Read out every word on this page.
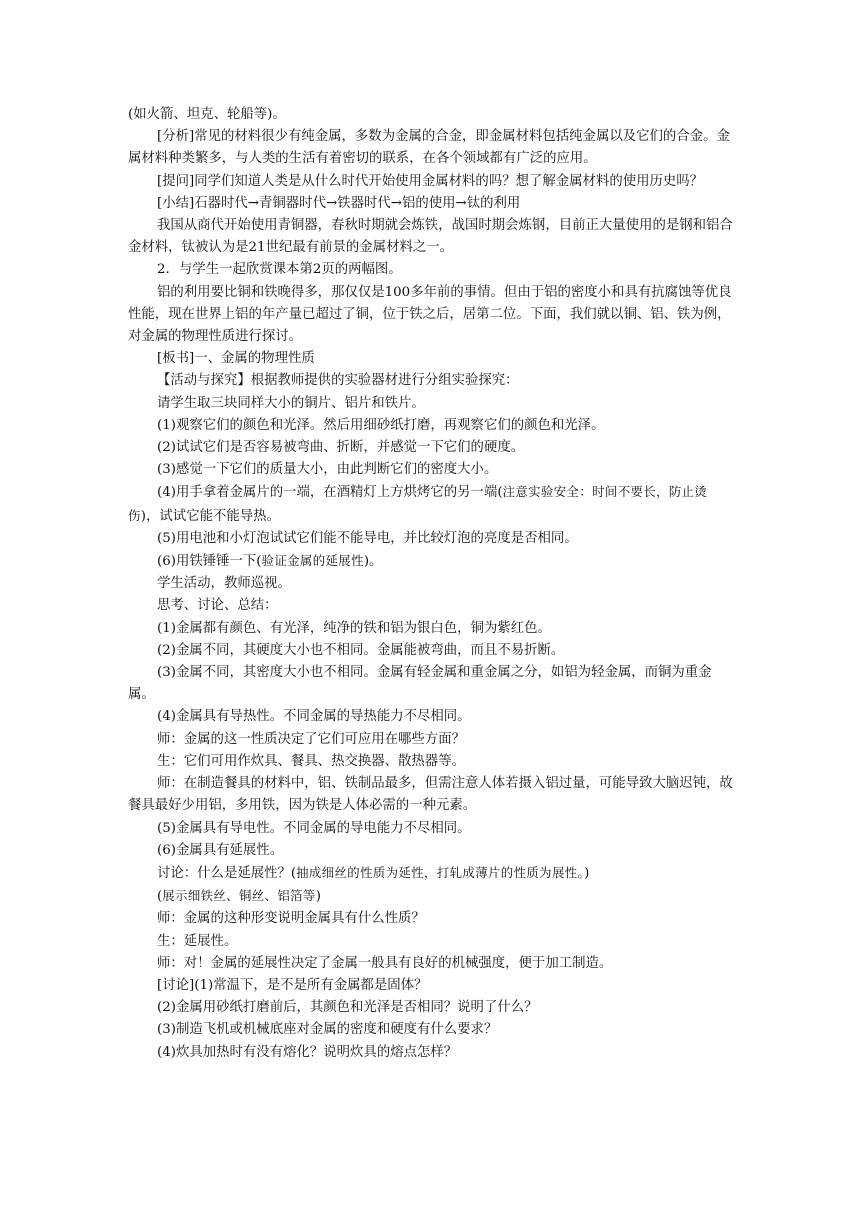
(如火箭、坦克、轮船等)。

[分析]常见的材料很少有纯金属，多数为金属的合金，即金属材料包括纯金属以及它们的合金。金属材料种类繁多，与人类的生活有着密切的联系，在各个领域都有广泛的应用。

[提问]同学们知道人类是从什么时代开始使用金属材料的吗？想了解金属材料的使用历史吗？

[小结]石器时代→青铜器时代→铁器时代→铝的使用→钛的利用

我国从商代开始使用青铜器，春秋时期就会炼铁，战国时期会炼钢，目前正大量使用的是钢和铝合金材料，钛被认为是21世纪最有前景的金属材料之一。

2．与学生一起欣赏课本第2页的两幅图。

铝的利用要比铜和铁晚得多，那仅仅是100多年前的事情。但由于铝的密度小和具有抗腐蚀等优良性能，现在世界上铝的年产量已超过了铜，位于铁之后，居第二位。下面，我们就以铜、铝、铁为例，对金属的物理性质进行探讨。

[板书]一、金属的物理性质

【活动与探究】根据教师提供的实验器材进行分组实验探究：

请学生取三块同样大小的铜片、铝片和铁片。

(1)观察它们的颜色和光泽。然后用细砂纸打磨，再观察它们的颜色和光泽。

(2)试试它们是否容易被弯曲、折断，并感觉一下它们的硬度。

(3)感觉一下它们的质量大小，由此判断它们的密度大小。

(4)用手拿着金属片的一端，在酒精灯上方烘烤它的另一端(注意实验安全：时间不要长，防止烫伤)，试试它能不能导热。

(5)用电池和小灯泡试试它们能不能导电，并比较灯泡的亮度是否相同。

(6)用铁锤锤一下(验证金属的延展性)。

学生活动，教师巡视。

思考、讨论、总结：

(1)金属都有颜色、有光泽，纯净的铁和铝为银白色，铜为紫红色。

(2)金属不同，其硬度大小也不相同。金属能被弯曲，而且不易折断。

(3)金属不同，其密度大小也不相同。金属有轻金属和重金属之分，如铝为轻金属，而铜为重金属。

(4)金属具有导热性。不同金属的导热能力不尽相同。

师：金属的这一性质决定了它们可应用在哪些方面？

生：它们可用作炊具、餐具、热交换器、散热器等。

师：在制造餐具的材料中，铝、铁制品最多，但需注意人体若摄入铝过量，可能导致大脑迟钝，故餐具最好少用铝，多用铁，因为铁是人体必需的一种元素。

(5)金属具有导电性。不同金属的导电能力不尽相同。

(6)金属具有延展性。

讨论：什么是延展性？(抽成细丝的性质为延性，打轧成薄片的性质为展性。)

(展示细铁丝、铜丝、铝箔等)

师：金属的这种形变说明金属具有什么性质？

生：延展性。

师：对！金属的延展性决定了金属一般具有良好的机械强度，便于加工制造。

[讨论](1)常温下，是不是所有金属都是固体？

(2)金属用砂纸打磨前后，其颜色和光泽是否相同？说明了什么？

(3)制造飞机或机械底座对金属的密度和硬度有什么要求？

(4)炊具加热时有没有熔化？说明炊具的熔点怎样？
